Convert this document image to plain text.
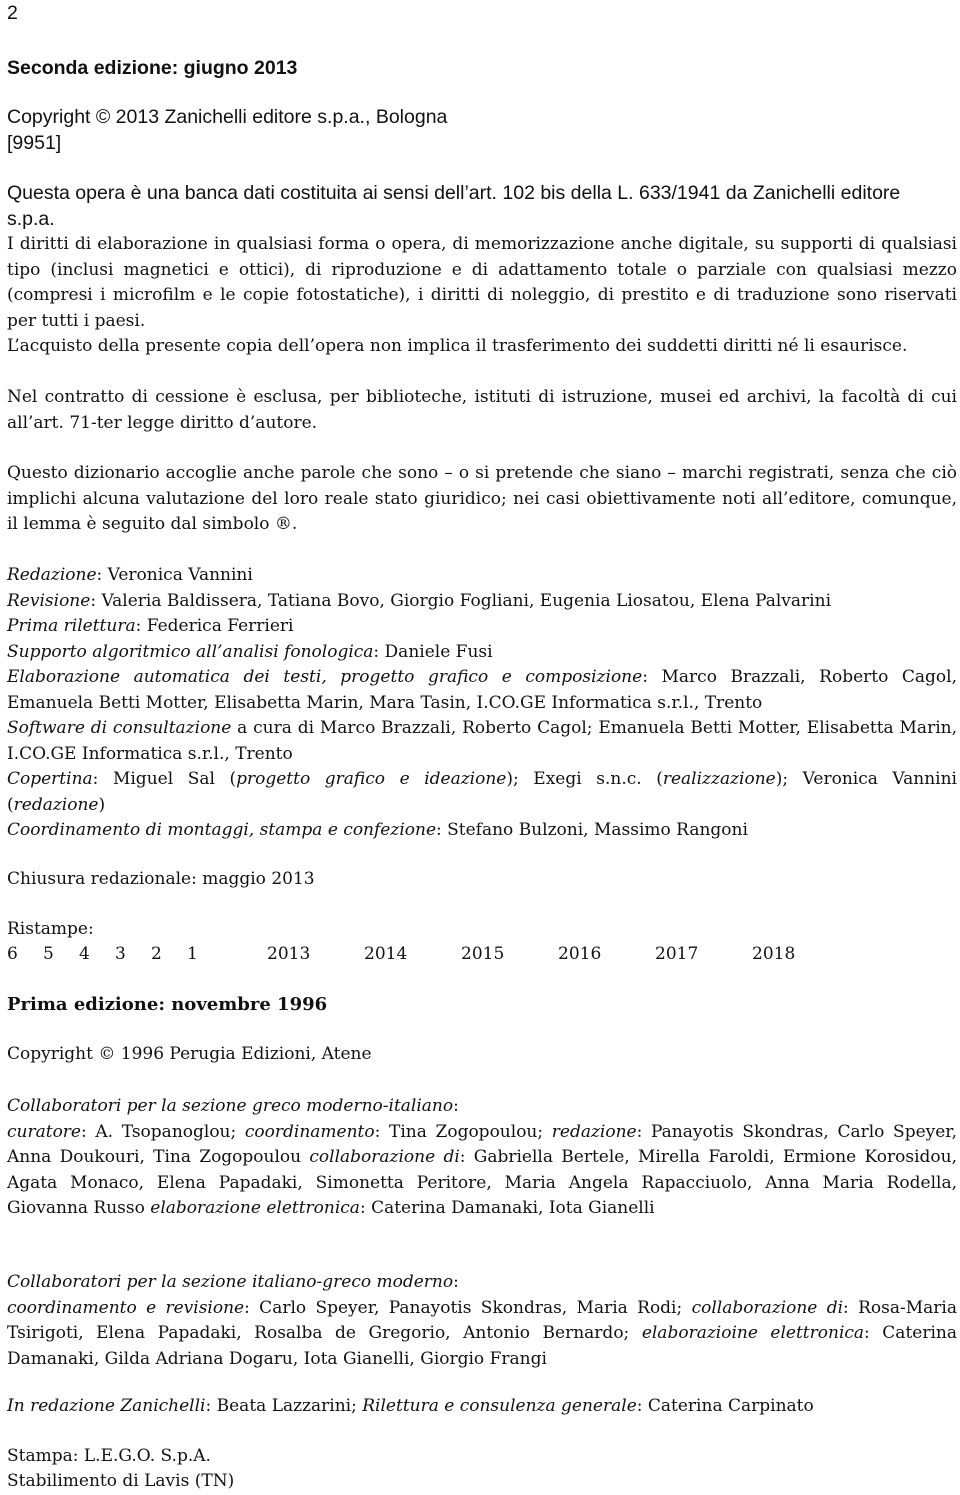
2
Seconda edizione: giugno 2013
Copyright © 2013 Zanichelli editore s.p.a., Bologna
[9951]

Questa opera è una banca dati costituita ai sensi dell’art. 102 bis della L. 633/1941 da Zanichelli editore s.p.a.

I diritti di elaborazione in qualsiasi forma o opera, di memorizzazione anche digitale, su supporti di qualsiasi tipo (inclusi magnetici e ottici), di riproduzione e di adattamento totale o parziale con qualsiasi mezzo (compresi i microfilm e le copie fotostatiche), i diritti di noleggio, di prestito e di traduzione sono riservati per tutti i paesi.

L’acquisto della presente copia dell’opera non implica il trasferimento dei suddetti diritti né li esaurisce.

Nel contratto di cessione è esclusa, per biblioteche, istituti di istruzione, musei ed archivi, la facoltà di cui all’art. 71-ter legge diritto d’autore.

Questo dizionario accoglie anche parole che sono – o si pretende che siano – marchi registrati, senza che ciò implichi alcuna valutazione del loro reale stato giuridico; nei casi obiettivamente noti all’editore, comunque, il lemma è seguito dal simbolo ®.

Redazione: Veronica Vannini
Revisione: Valeria Baldissera, Tatiana Bovo, Giorgio Fogliani, Eugenia Liosatou, Elena Palvarini
Prima rilettura: Federica Ferrieri
Supporto algoritmico all’analisi fonologica: Daniele Fusi
Elaborazione automatica dei testi, progetto grafico e composizione: Marco Brazzali, Roberto Cagol, Emanuela Betti Motter, Elisabetta Marin, Mara Tasin, I.CO.GE Informatica s.r.l., Trento
Software di consultazione a cura di Marco Brazzali, Roberto Cagol; Emanuela Betti Motter, Elisabetta Marin, I.CO.GE Informatica s.r.l., Trento
Copertina: Miguel Sal (progetto grafico e ideazione); Exegi s.n.c. (realizzazione); Veronica Vannini (redazione)
Coordinamento di montaggi, stampa e confezione: Stefano Bulzoni, Massimo Rangoni
Chiusura redazionale: maggio 2013
Ristampe:
6 5 4 3 2 1	2013	2014	2015	2016	2017	2018
Prima edizione: novembre 1996
Copyright © 1996 Perugia Edizioni, Atene
Collaboratori per la sezione greco moderno-italiano:
curatore: A. Tsopanoglou; coordinamento: Tina Zogopoulou; redazione: Panayotis Skondras, Carlo Speyer, Anna Doukouri, Tina Zogopoulou collaborazione di: Gabriella Bertele, Mirella Faroldi, Ermione Korosidou, Agata Monaco, Elena Papadaki, Simonetta Peritore, Maria Angela Rapacciuolo, Anna Maria Rodella, Giovanna Russo elaborazione elettronica: Caterina Damanaki, Iota Gianelli
Collaboratori per la sezione italiano-greco moderno:
coordinamento e revisione: Carlo Speyer, Panayotis Skondras, Maria Rodi; collaborazione di: Rosa-Maria Tsirigoti, Elena Papadaki, Rosalba de Gregorio, Antonio Bernardo; elaborazioine elettronica: Caterina Damanaki, Gilda Adriana Dogaru, Iota Gianelli, Giorgio Frangi
In redazione Zanichelli: Beata Lazzarini; Rilettura e consulenza generale: Caterina Carpinato
Stampa: L.E.G.O. S.p.A.
Stabilimento di Lavis (TN)
